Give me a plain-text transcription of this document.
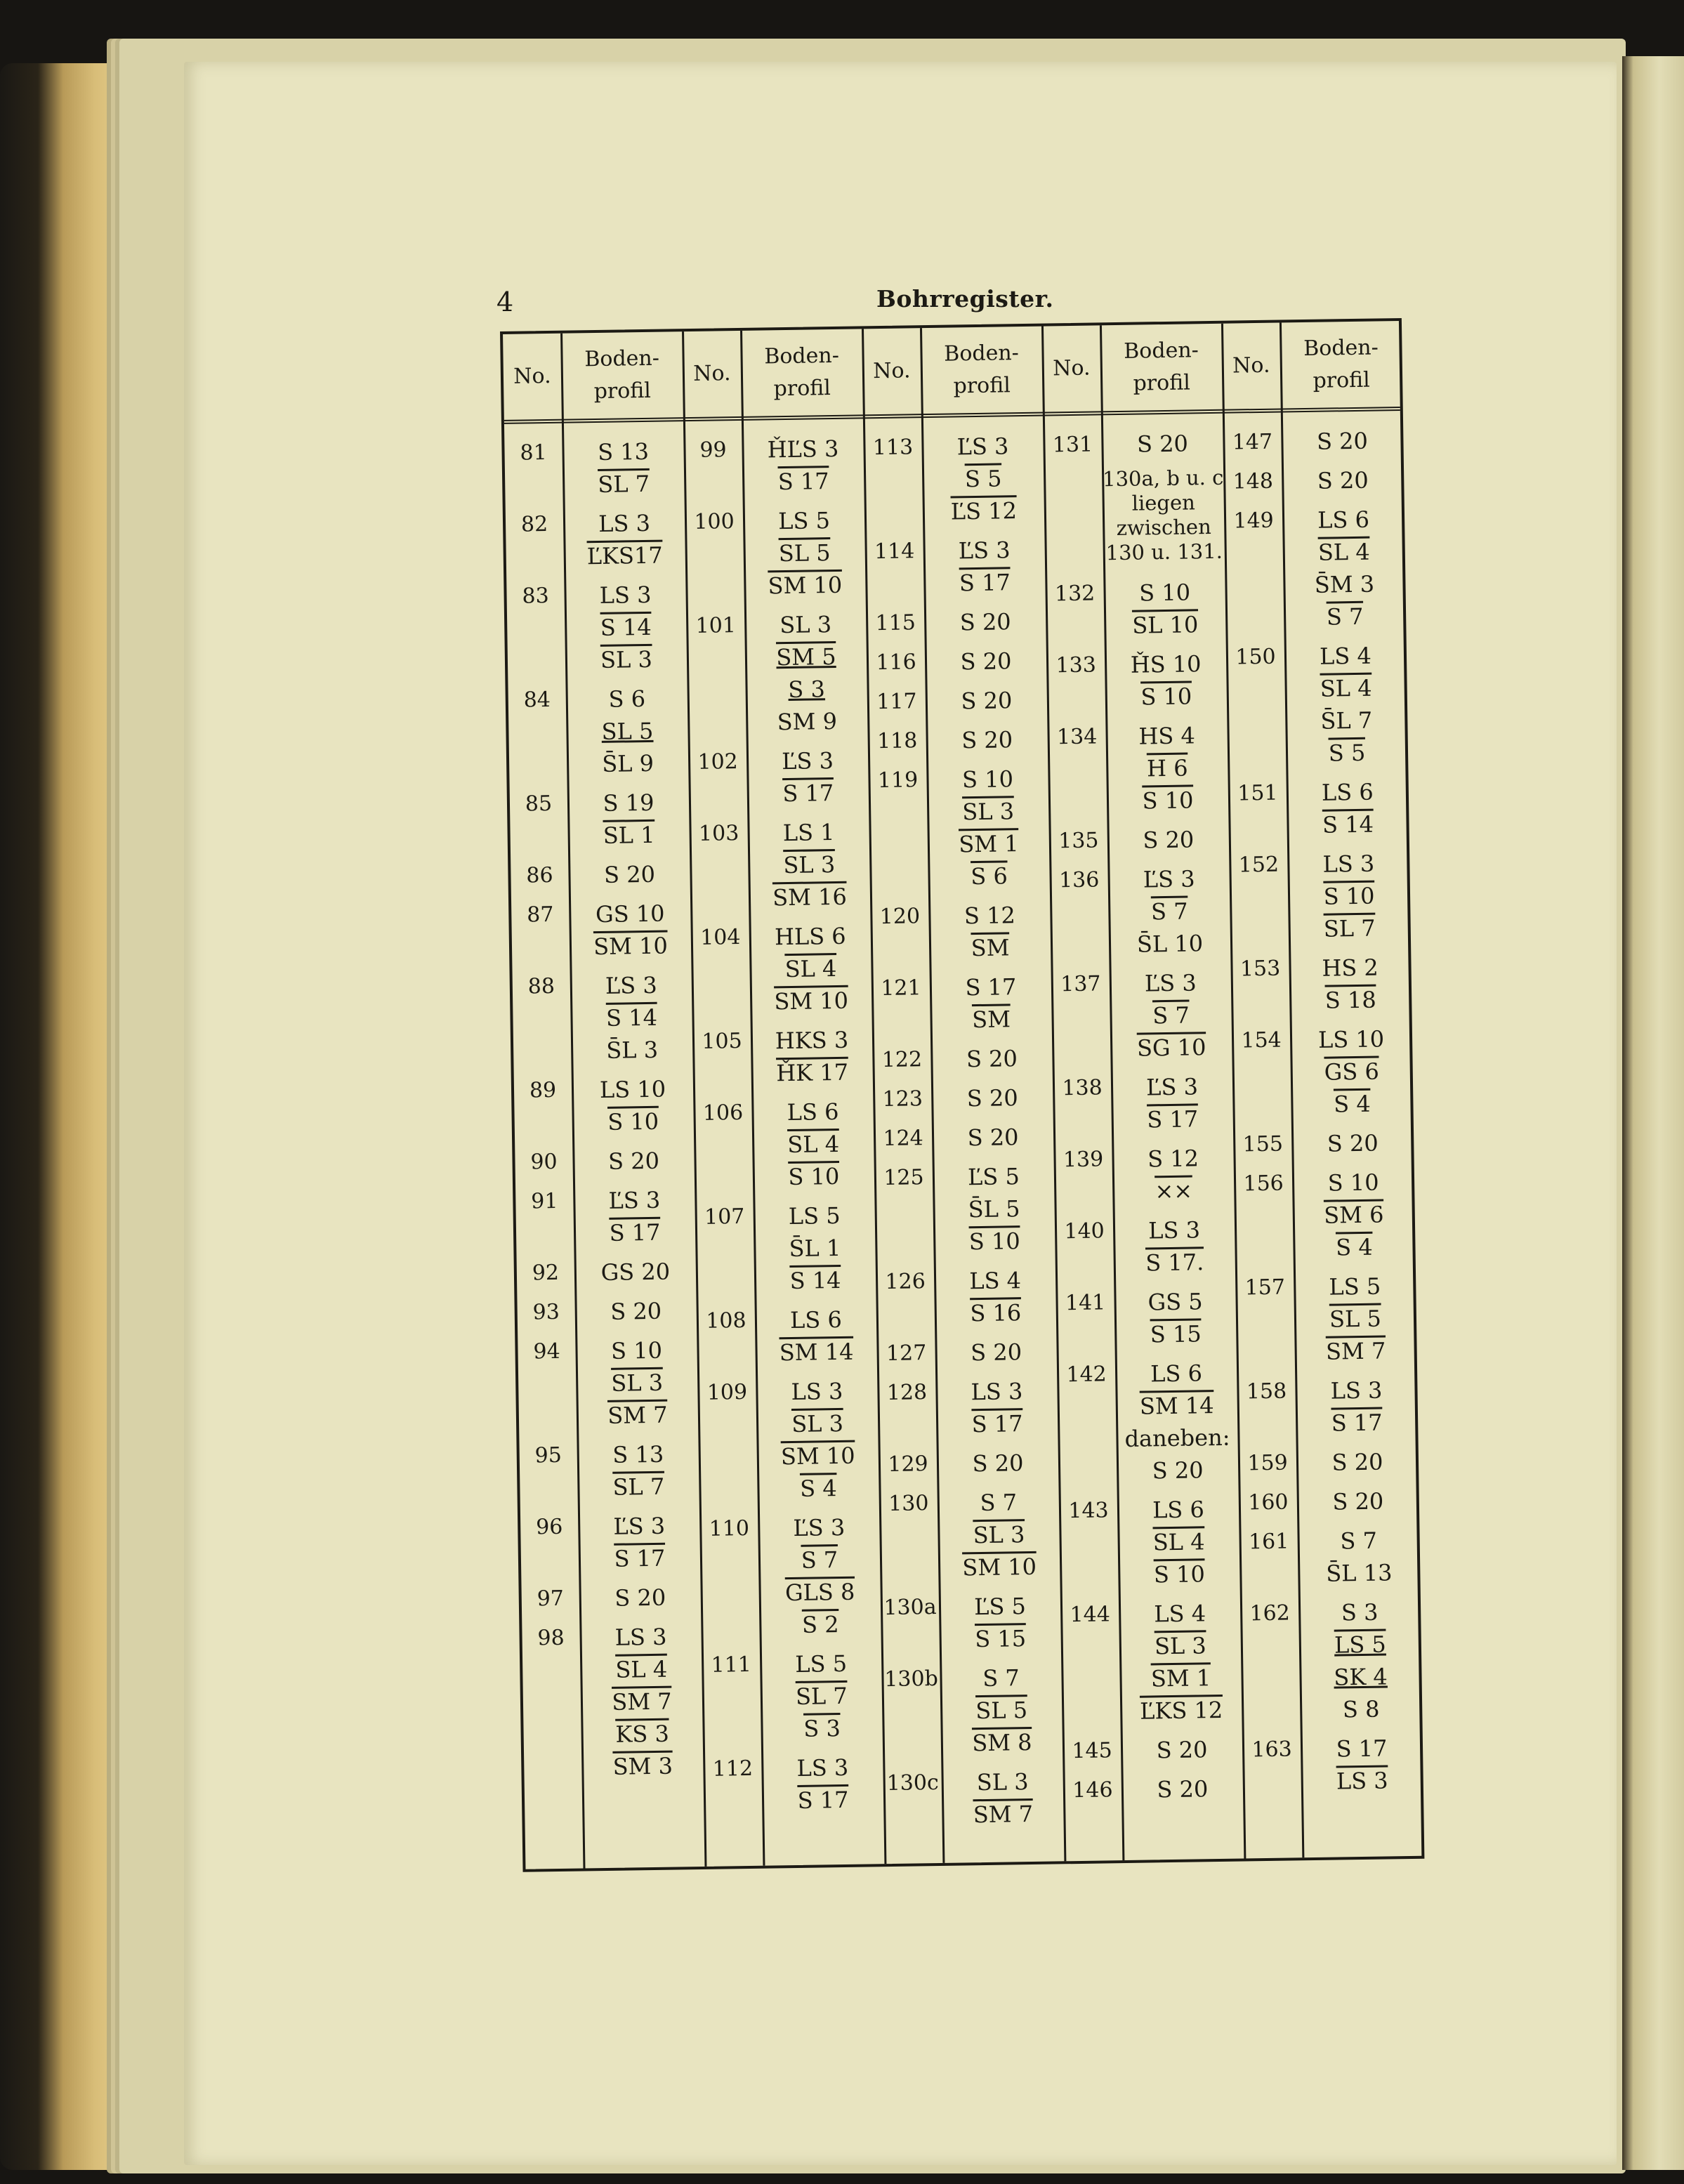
4	Bohrregister.
No.
Boden-
profil
No.
Boden-
profil
No.
Boden-
profil
No.
Boden-
profil
No.
Boden-
profil
81 S 13
SL 7
82 LS 3
ĽKS17
83 LS 3
S 14
SL 3
84	S 6
SL 5
S̄L 9
85 S 19
SL 1
86 S 20
87 GS 10
SM 10
88 ĽS 3
S 14
S̄L 3
89 LS 10
S 10
90 S 20
91 ĽS 3
S 17
92 GS 20
93 S 20
94 S 10
SL 3
SM 7
95 S 13
SL 7
96 ĽS 3
S 17
97 S 20
98 LS 3
SL 4
SM 7
KS 3
SM 3
99 ȞĽS 3
S 17
100 LS 5
SL 5
SM 10
101 SL 3
SM 5
S 3
SM 9
102 ĽS 3
S 17
103 LS 1
SL 3
SM 16
104 HLS 6
SL 4
SM 10
105 HKS 3
ȞK 17
106 LS 6
SL 4
S 10
107 LS 5
S̄L 1
S 14
108 LS 6
SM 14
109 LS 3
SL 3
SM 10
S 4
110 ĽS 3
S 7
GLS 8
S 2
111 LS 5
SL 7
S 3
112 LS 3
S 17
113 ĽS 3
S 5
ĽS 12
114 ĽS 3
S 17
115 S 20
116 S 20
117 S 20
118 S 20
119 S 10
SL 3
SM 1
S 6
120 S 12
$\overline{SM}$
121 S 17
$\overline{SM}$
122 S 20
123 S 20
124 S 20
125 ĽS 5
S̄L 5
S 10
126 LS 4
S 16
127 S 20
128 LS 3
S 17
129 S 20
130 S 7
SL 3
SM 10
130a ĽS 5
S 15
130b S 7
SL 5
SM 8
130c SL 3
SM 7
131 S 20
130a, b u. c
liegen
zwischen
130 u. 131.
132 S 10
SL 10
133 ȞS 10
S 10
134 HS 4
H 6
S 10
135 S 20
136 ĽS 3
S 7
S̄L 10
137 ĽS 3
S 7
SG 10
138 ĽS 3
S 17
139 S 12
××
140 LS 3
S 17.
141 GS 5
S 15
142 LS 6
SM 14
daneben:
S 20
143 LS 6
SL 4
S 10
144 LS 4
SL 3
SM 1
ĽKS 12
145 S 20
146 S 20
147 S 20
148 S 20
149 LS 6
SL 4
S̄M 3
S 7
150 LS 4
SL 4
S̄L 7
S 5
151 LS 6
S 14
152 LS 3
S 10
SL 7
153 HS 2
S 18
154 LS 10
GS 6
S 4
155 S 20
156 S 10
SM 6
S 4
157 LS 5
SL 5
SM 7
158 LS 3
S 17
159 S 20
160 S 20
161 S 7
S̄L 13
162 S 3
LS 5
SK 4
S 8
163 S 17
LS 3
